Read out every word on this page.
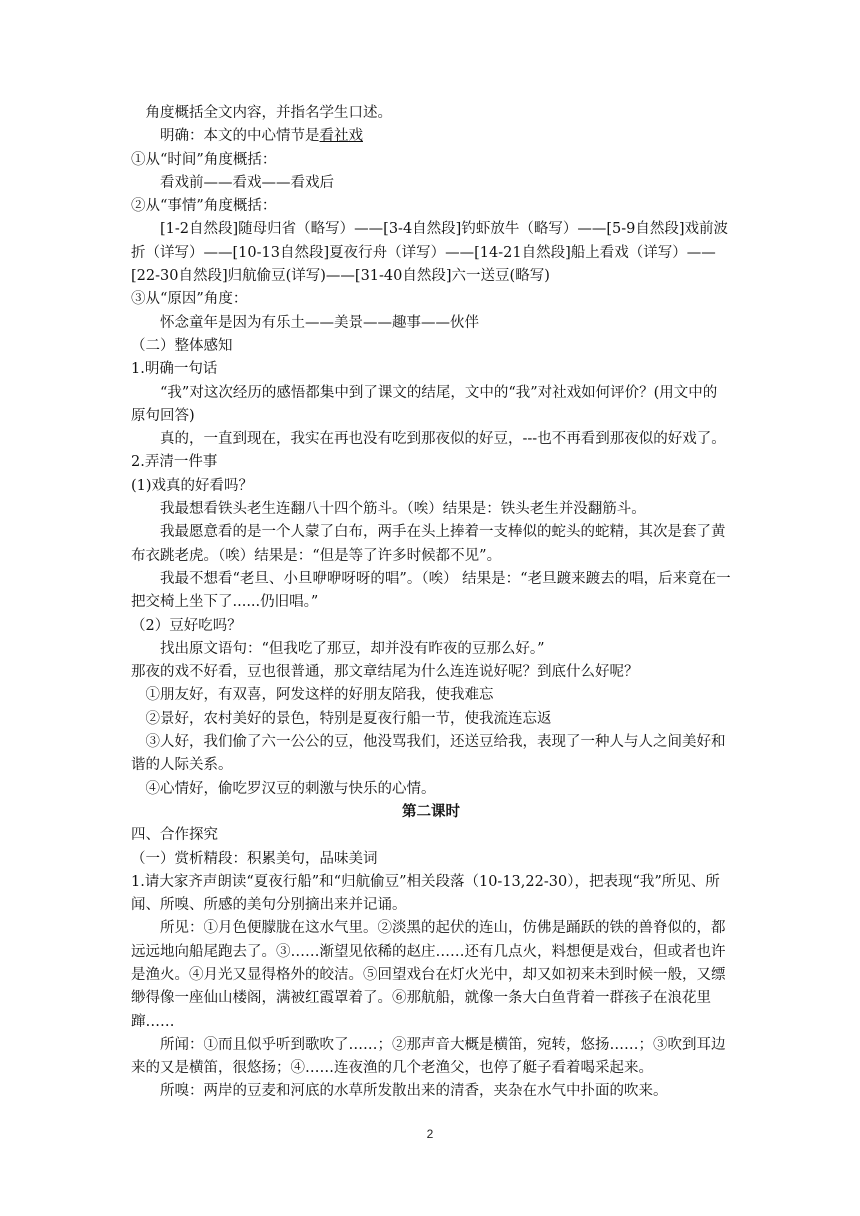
角度概括全文内容，并指名学生口述。

明确：本文的中心情节是看社戏

①从“时间”角度概括：

看戏前——看戏——看戏后

②从“事情”角度概括：

[1-2自然段]随母归省（略写）——[3-4自然段]钓虾放牛（略写）——[5-9自然段]戏前波折（详写）——[10-13自然段]夏夜行舟（详写）——[14-21自然段]船上看戏（详写）——[22-30自然段]归航偷豆(详写)——[31-40自然段]六一送豆(略写)

③从“原因”角度：

怀念童年是因为有乐土——美景——趣事——伙伴

（二）整体感知

1.明确一句话

“我”对这次经历的感悟都集中到了课文的结尾，文中的“我”对社戏如何评价？(用文中的原句回答)

真的，一直到现在，我实在再也没有吃到那夜似的好豆，---也不再看到那夜似的好戏了。

2.弄清一件事

(1)戏真的好看吗？

我最想看铁头老生连翻八十四个筋斗。（唉）结果是：铁头老生并没翻筋斗。

我最愿意看的是一个人蒙了白布，两手在头上捧着一支棒似的蛇头的蛇精，其次是套了黄布衣跳老虎。（唉）结果是：“但是等了许多时候都不见”。

我最不想看“老旦、小旦咿咿呀呀的唱”。（唉） 结果是：“老旦踱来踱去的唱，后来竟在一把交椅上坐下了......仍旧唱。”

（2）豆好吃吗？

找出原文语句：“但我吃了那豆，却并没有昨夜的豆那么好。”

那夜的戏不好看，豆也很普通，那文章结尾为什么连连说好呢？到底什么好呢？

①朋友好，有双喜，阿发这样的好朋友陪我，使我难忘

②景好，农村美好的景色，特别是夏夜行船一节，使我流连忘返

③人好，我们偷了六一公公的豆，他没骂我们，还送豆给我，表现了一种人与人之间美好和谐的人际关系。

④心情好，偷吃罗汉豆的刺激与快乐的心情。

第二课时

四、合作探究

（一）赏析精段：积累美句，品味美词

1.请大家齐声朗读“夏夜行船”和“归航偷豆”相关段落（10-13,22-30），把表现“我”所见、所闻、所嗅、所感的美句分别摘出来并记诵。

所见：①月色便朦胧在这水气里。②淡黑的起伏的连山，仿佛是踊跃的铁的兽脊似的，都远远地向船尾跑去了。③……渐望见依稀的赵庄……还有几点火，料想便是戏台，但或者也许是渔火。④月光又显得格外的皎洁。⑤回望戏台在灯火光中，却又如初来未到时候一般，又缥缈得像一座仙山楼阁，满被红霞罩着了。⑥那航船，就像一条大白鱼背着一群孩子在浪花里蹿……

所闻：①而且似乎听到歌吹了……；②那声音大概是横笛，宛转，悠扬……；③吹到耳边来的又是横笛，很悠扬；④……连夜渔的几个老渔父，也停了艇子看着喝采起来。

所嗅：两岸的豆麦和河底的水草所发散出来的清香，夹杂在水气中扑面的吹来。

2
